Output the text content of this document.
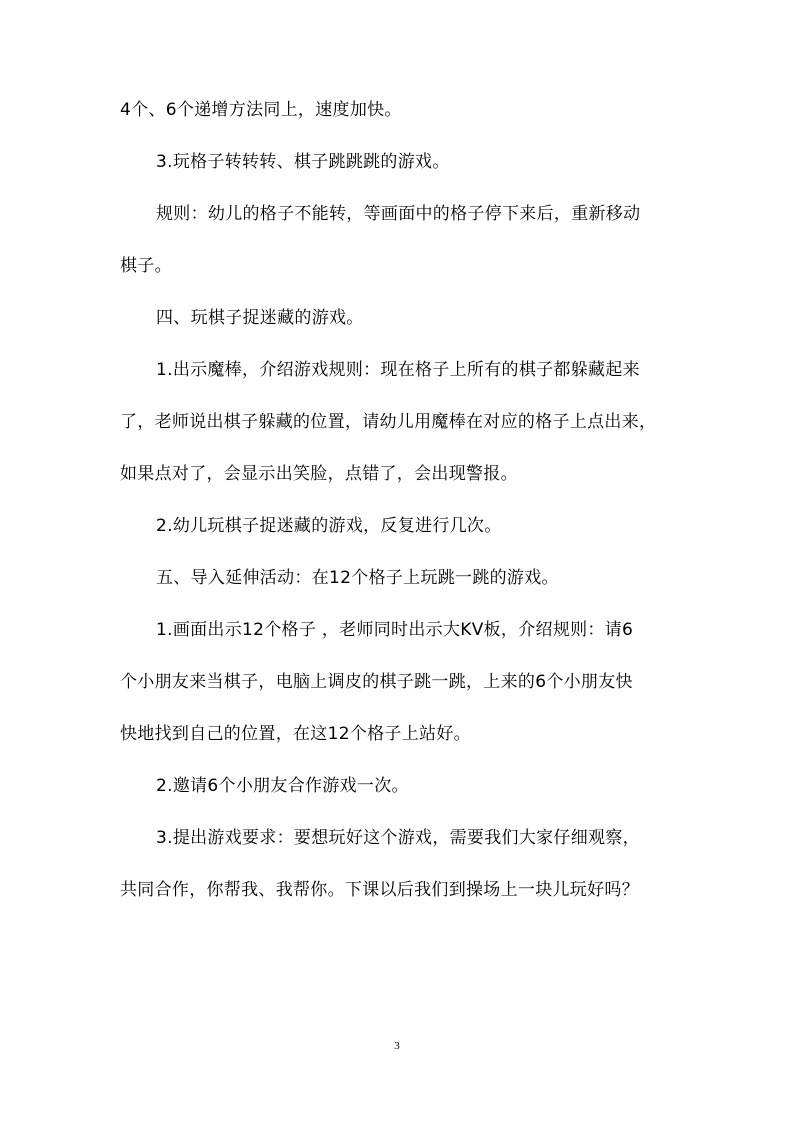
4个、6个递增方法同上，速度加快。
3.玩格子转转转、棋子跳跳跳的游戏。
规则：幼儿的格子不能转，等画面中的格子停下来后，重新移动
棋子。
四、玩棋子捉迷藏的游戏。
1.出示魔棒，介绍游戏规则：现在格子上所有的棋子都躲藏起来
了，老师说出棋子躲藏的位置，请幼儿用魔棒在对应的格子上点出来，
如果点对了，会显示出笑脸，点错了，会出现警报。
2.幼儿玩棋子捉迷藏的游戏，反复进行几次。
五、导入延伸活动：在12个格子上玩跳一跳的游戏。
1.画面出示12个格子 ，老师同时出示大KV板，介绍规则：请6
个小朋友来当棋子，电脑上调皮的棋子跳一跳，上来的6个小朋友快
快地找到自己的位置，在这12个格子上站好。
2.邀请6个小朋友合作游戏一次。
3.提出游戏要求：要想玩好这个游戏，需要我们大家仔细观察，
共同合作，你帮我、我帮你。下课以后我们到操场上一块儿玩好吗？
3
